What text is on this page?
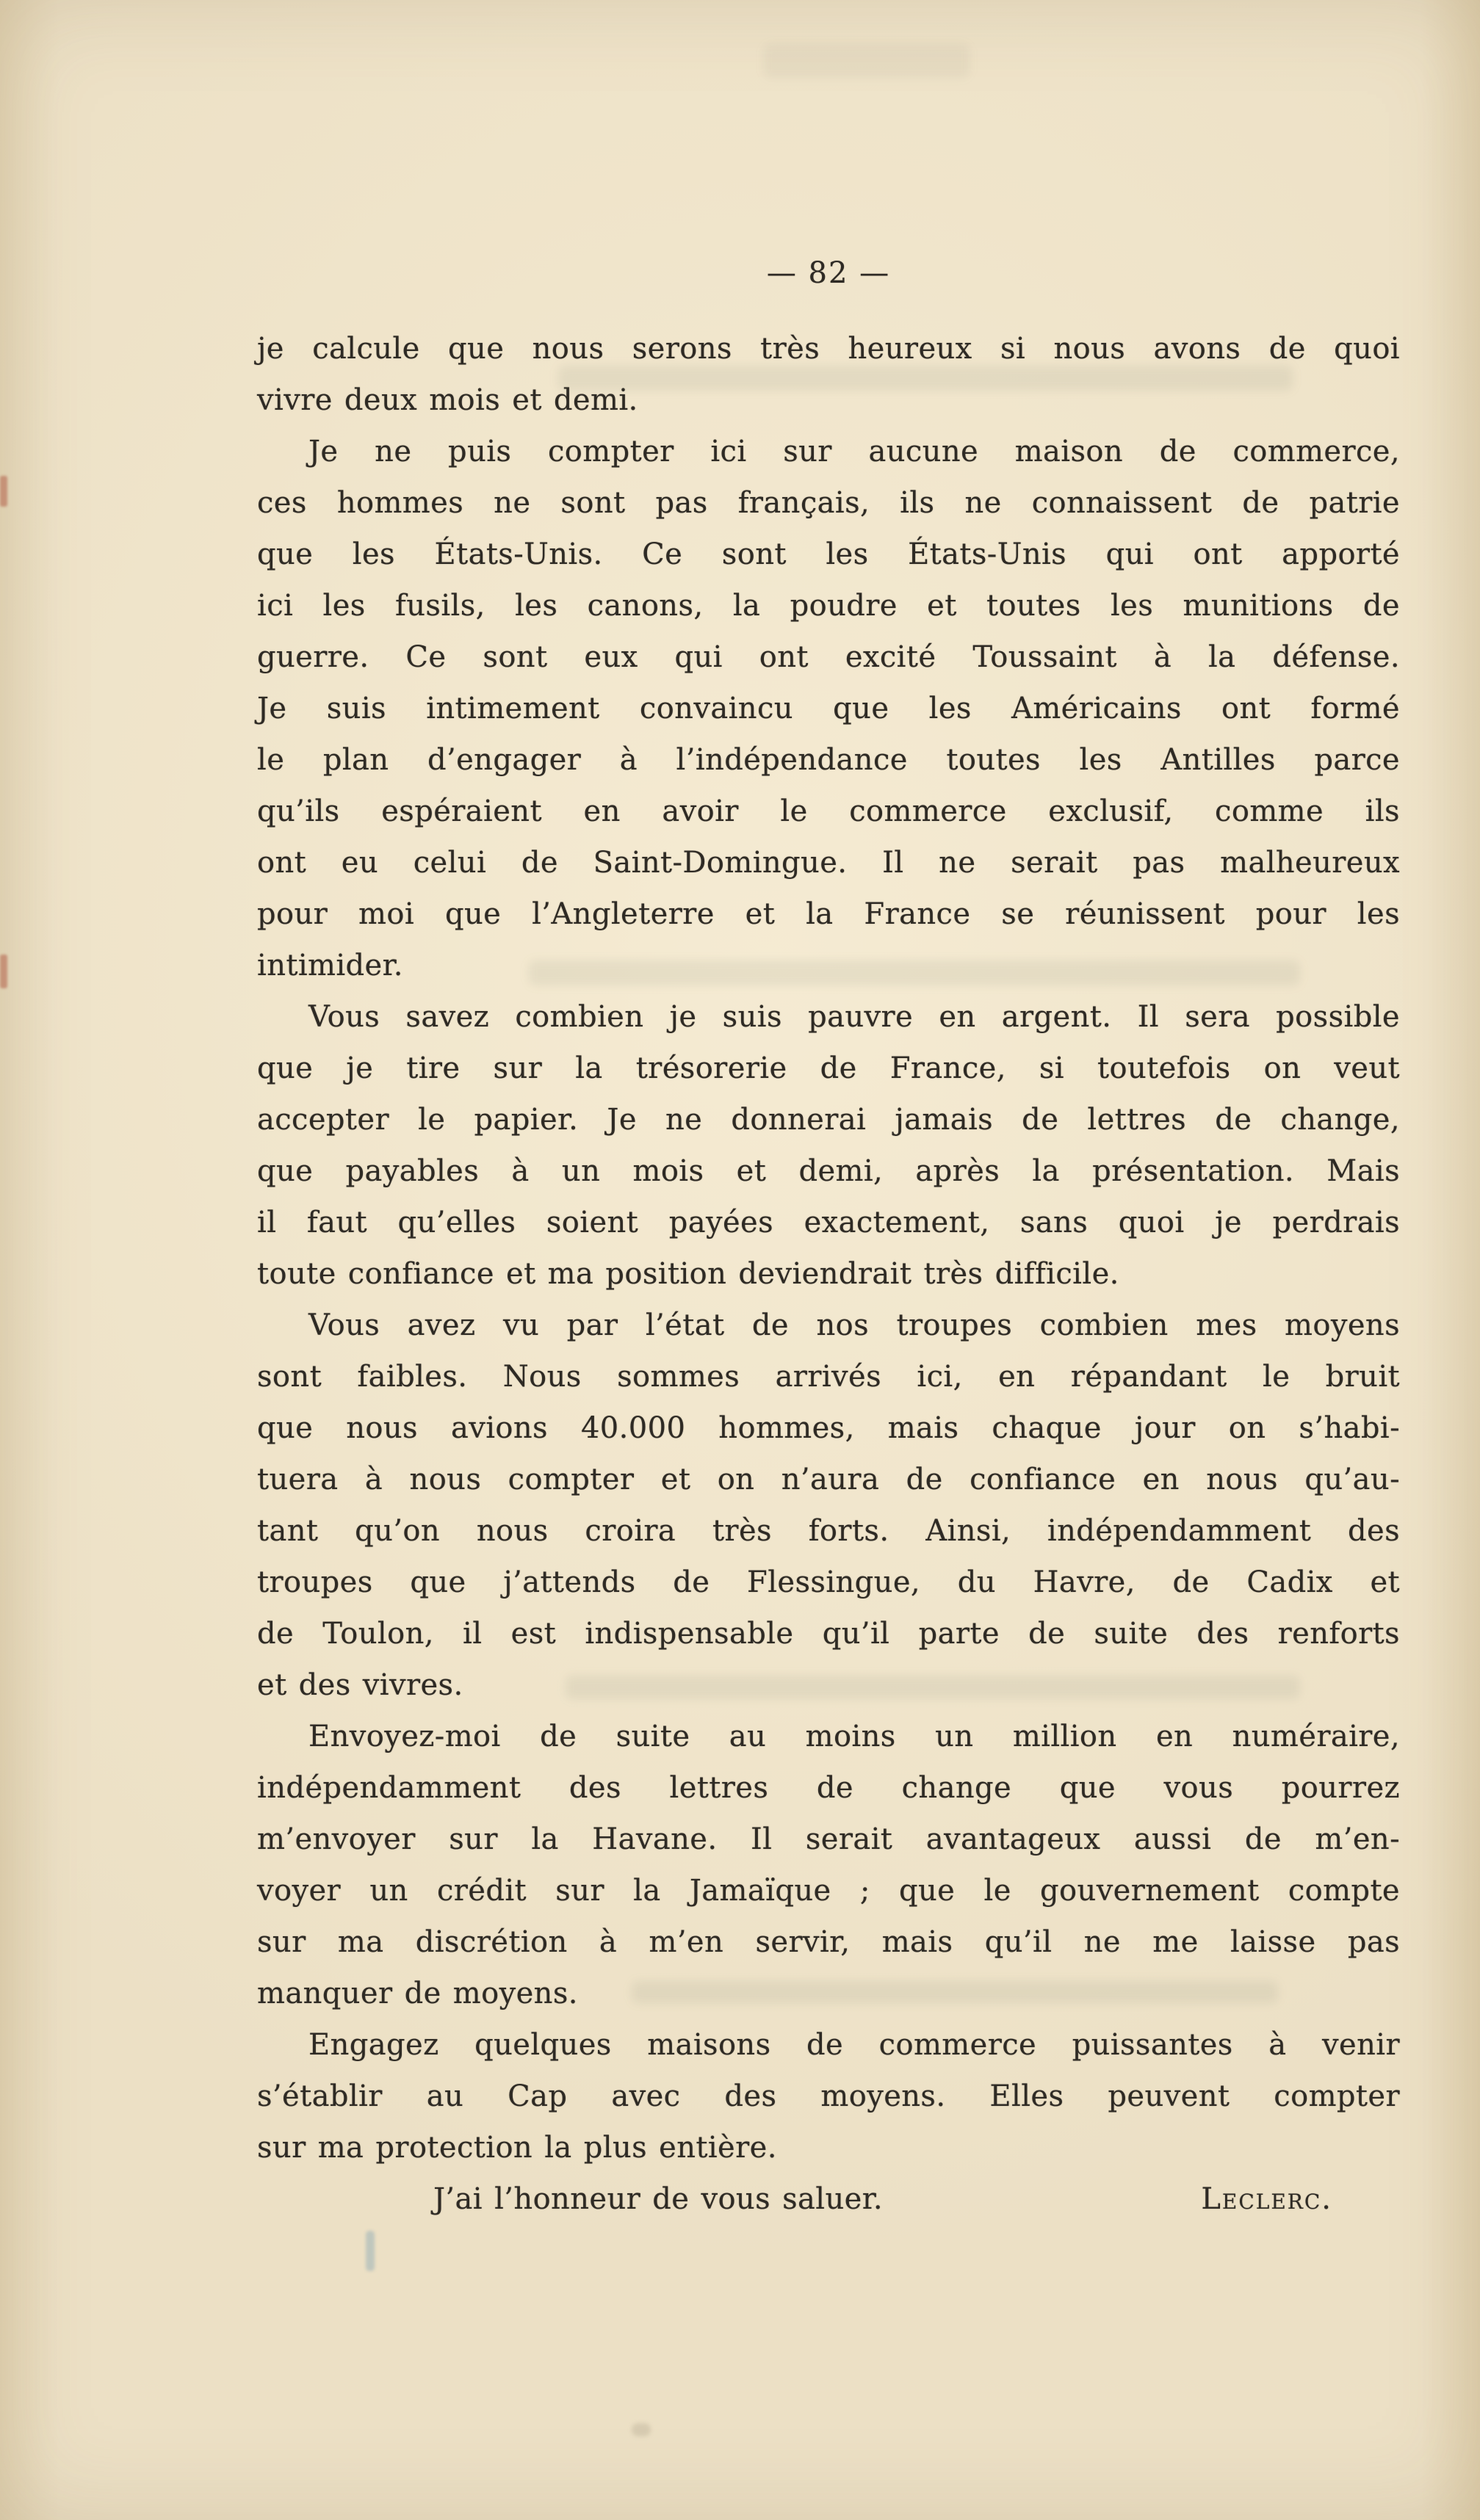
— 82 —
je calcule que nous serons très heureux si nous avons de quoi
vivre deux mois et demi.
Je ne puis compter ici sur aucune maison de commerce,
ces hommes ne sont pas français, ils ne connaissent de patrie
que les États-Unis. Ce sont les États-Unis qui ont apporté
ici les fusils, les canons, la poudre et toutes les munitions de
guerre. Ce sont eux qui ont excité Toussaint à la défense.
Je suis intimement convaincu que les Américains ont formé
le plan d’engager à l’indépendance toutes les Antilles parce
qu’ils espéraient en avoir le commerce exclusif, comme ils
ont eu celui de Saint-Domingue. Il ne serait pas malheureux
pour moi que l’Angleterre et la France se réunissent pour les
intimider.
Vous savez combien je suis pauvre en argent. Il sera possible
que je tire sur la trésorerie de France, si toutefois on veut
accepter le papier. Je ne donnerai jamais de lettres de change,
que payables à un mois et demi, après la présentation. Mais
il faut qu’elles soient payées exactement, sans quoi je perdrais
toute confiance et ma position deviendrait très difficile.
Vous avez vu par l’état de nos troupes combien mes moyens
sont faibles. Nous sommes arrivés ici, en répandant le bruit
que nous avions 40.000 hommes, mais chaque jour on s’habi-
tuera à nous compter et on n’aura de confiance en nous qu’au-
tant qu’on nous croira très forts. Ainsi, indépendamment des
troupes que j’attends de Flessingue, du Havre, de Cadix et
de Toulon, il est indispensable qu’il parte de suite des renforts
et des vivres.
Envoyez-moi de suite au moins un million en numéraire,
indépendamment des lettres de change que vous pourrez
m’envoyer sur la Havane. Il serait avantageux aussi de m’en-
voyer un crédit sur la Jamaïque ; que le gouvernement compte
sur ma discrétion à m’en servir, mais qu’il ne me laisse pas
manquer de moyens.
Engagez quelques maisons de commerce puissantes à venir
s’établir au Cap avec des moyens. Elles peuvent compter
sur ma protection la plus entière.
J’ai l’honneur de vous saluer.	Leclerc.
